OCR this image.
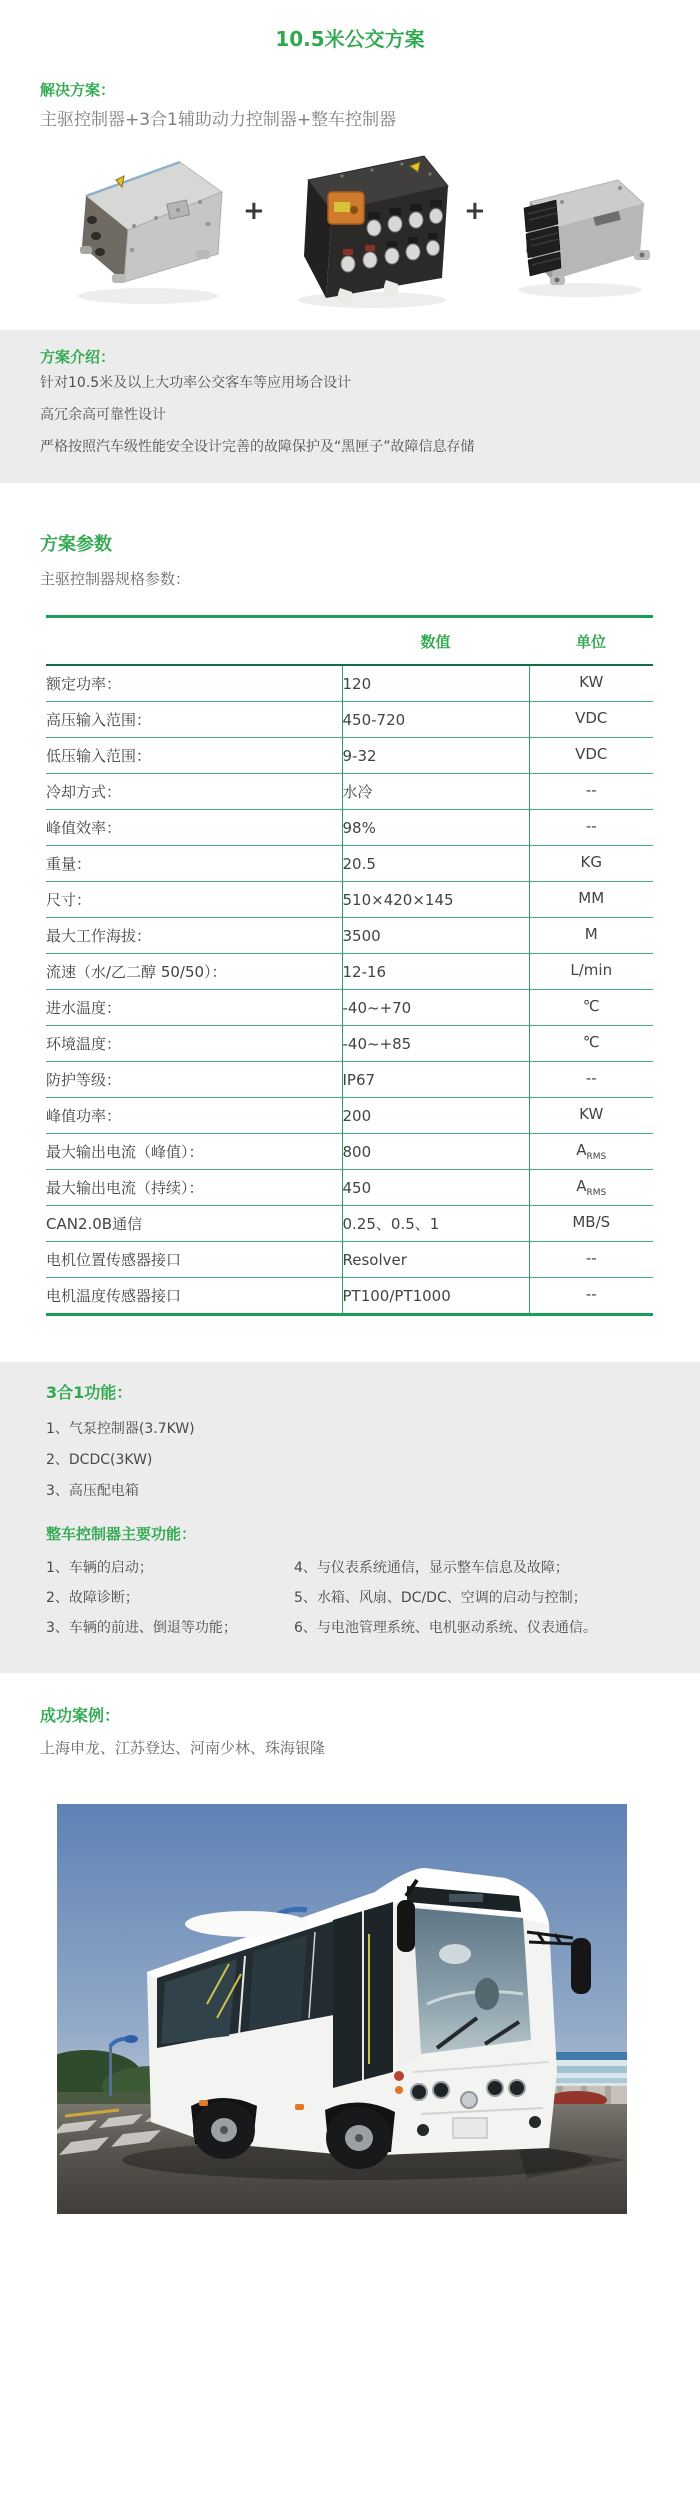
10.5米公交方案
解决方案：
主驱控制器+3合1辅助动力控制器+整车控制器
+	+
方案介绍：
针对10.5米及以上大功率公交客车等应用场合设计
高冗余高可靠性设计
严格按照汽车级性能安全设计完善的故障保护及“黑匣子”故障信息存储
方案参数
主驱控制器规格参数：
	数值	单位
额定功率：	120	KW
高压输入范围：	450-720	VDC
低压输入范围：	9-32	VDC
冷却方式：	水冷	--
峰值效率：	98%	--
重量：	20.5	KG
尺寸：	510×420×145	MM
最大工作海拔：	3500	M
流速（水/乙二醇 50/50）：	12-16	L/min
进水温度：	-40~+70	℃
环境温度：	-40~+85	℃
防护等级：	IP67	--
峰值功率：	200	KW
最大输出电流（峰值）：	800	$A_{RMS}$
最大输出电流（持续）：	450	$A_{RMS}$
CAN2.0B通信	0.25、0.5、1	MB/S
电机位置传感器接口	Resolver	--
电机温度传感器接口	PT100/PT1000	--
3合1功能：
1、气泵控制器(3.7KW)
2、DCDC(3KW)
3、高压配电箱
整车控制器主要功能：
1、车辆的启动；	4、与仪表系统通信，显示整车信息及故障；
2、故障诊断；	5、水箱、风扇、DC/DC、空调的启动与控制；
3、车辆的前进、倒退等功能；	6、与电池管理系统、电机驱动系统、仪表通信。
成功案例：
上海申龙、江苏登达、河南少林、珠海银隆
